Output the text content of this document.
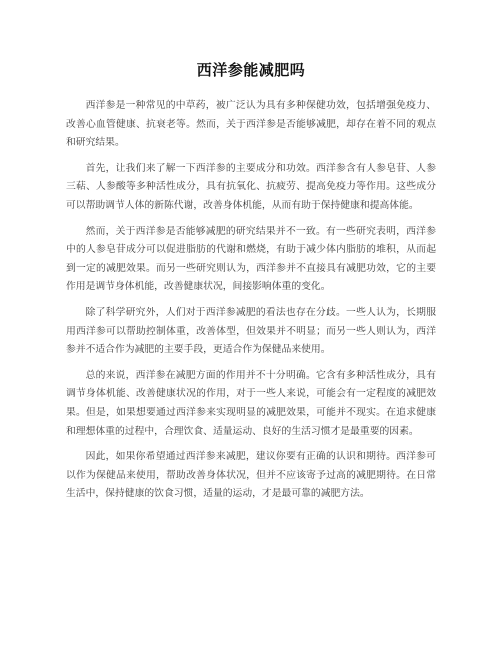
西洋参能减肥吗

西洋参是一种常见的中草药，被广泛认为具有多种保健功效，包括增强免疫力、改善心血管健康、抗衰老等。然而，关于西洋参是否能够减肥，却存在着不同的观点和研究结果。

首先，让我们来了解一下西洋参的主要成分和功效。西洋参含有人参皂苷、人参三萜、人参酸等多种活性成分，具有抗氧化、抗疲劳、提高免疫力等作用。这些成分可以帮助调节人体的新陈代谢，改善身体机能，从而有助于保持健康和提高体能。

然而，关于西洋参是否能够减肥的研究结果并不一致。有一些研究表明，西洋参中的人参皂苷成分可以促进脂肪的代谢和燃烧，有助于减少体内脂肪的堆积，从而起到一定的减肥效果。而另一些研究则认为，西洋参并不直接具有减肥功效，它的主要作用是调节身体机能，改善健康状况，间接影响体重的变化。

除了科学研究外，人们对于西洋参减肥的看法也存在分歧。一些人认为，长期服用西洋参可以帮助控制体重，改善体型，但效果并不明显；而另一些人则认为，西洋参并不适合作为减肥的主要手段，更适合作为保健品来使用。

总的来说，西洋参在减肥方面的作用并不十分明确。它含有多种活性成分，具有调节身体机能、改善健康状况的作用，对于一些人来说，可能会有一定程度的减肥效果。但是，如果想要通过西洋参来实现明显的减肥效果，可能并不现实。在追求健康和理想体重的过程中，合理饮食、适量运动、良好的生活习惯才是最重要的因素。

因此，如果你希望通过西洋参来减肥，建议你要有正确的认识和期待。西洋参可以作为保健品来使用，帮助改善身体状况，但并不应该寄予过高的减肥期待。在日常生活中，保持健康的饮食习惯，适量的运动，才是最可靠的减肥方法。
